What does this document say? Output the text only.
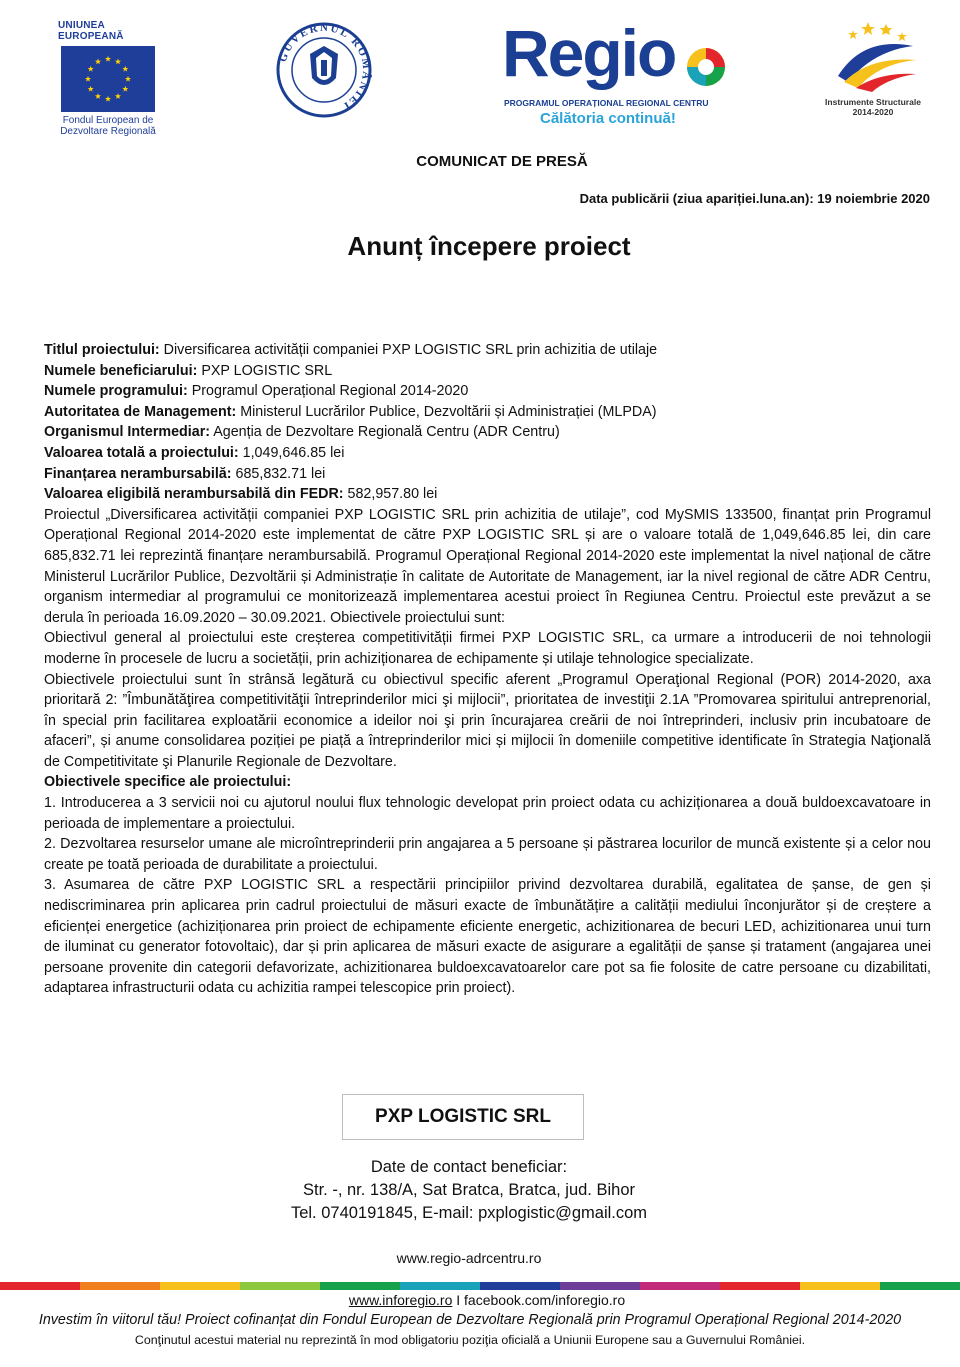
UNIUNEA EUROPEANĂ
Fondul European de
Dezvoltare Regională
GUVERNUL ROMÂNIEI
Regio
PROGRAMUL OPERAȚIONAL REGIONAL CENTRU
Călătoria continuă!
Instrumente Structurale
2014-2020
COMUNICAT DE PRESĂ
Data publicării (ziua apariției.luna.an): 19 noiembrie 2020
Anunț începere proiect
Titlul proiectului: Diversificarea activității companiei PXP LOGISTIC SRL prin achizitia de utilaje
Numele beneficiarului: PXP LOGISTIC SRL
Numele programului: Programul Operațional Regional 2014-2020
Autoritatea de Management: Ministerul Lucrărilor Publice, Dezvoltării și Administrației (MLPDA)
Organismul Intermediar: Agenția de Dezvoltare Regională Centru (ADR Centru)
Valoarea totală a proiectului: 1,049,646.85 lei
Finanțarea nerambursabilă: 685,832.71 lei
Valoarea eligibilă nerambursabilă din FEDR: 582,957.80 lei
Proiectul „Diversificarea activității companiei PXP LOGISTIC SRL prin achizitia de utilaje”, cod MySMIS 133500, finanțat prin Programul Operațional Regional 2014-2020 este implementat de către PXP LOGISTIC SRL și are o valoare totală de 1,049,646.85 lei, din care 685,832.71 lei reprezintă finanțare nerambursabilă. Programul Operațional Regional 2014-2020 este implementat la nivel național de către Ministerul Lucrărilor Publice, Dezvoltării și Administrație în calitate de Autoritate de Management, iar la nivel regional de către ADR Centru, organism intermediar al programului ce monitorizează implementarea acestui proiect în Regiunea Centru. Proiectul este prevăzut a se derula în perioada 16.09.2020 – 30.09.2021. Obiectivele proiectului sunt:
Obiectivul general al proiectului este creșterea competitivității firmei PXP LOGISTIC SRL, ca urmare a introducerii de noi tehnologii moderne în procesele de lucru a societății, prin achiziționarea de echipamente și utilaje tehnologice specializate.
Obiectivele proiectului sunt în strânsă legătură cu obiectivul specific aferent „Programul Operaţional Regional (POR) 2014-2020, axa prioritară 2: ”Îmbunătăţirea competitivităţii întreprinderilor mici şi mijlocii”, prioritatea de investiţii 2.1A ”Promovarea spiritului antreprenorial, în special prin facilitarea exploatării economice a ideilor noi şi prin încurajarea creării de noi întreprinderi, inclusiv prin incubatoare de afaceri”, și anume consolidarea poziției pe piață a întreprinderilor mici și mijlocii în domeniile competitive identificate în Strategia Naţională de Competitivitate şi Planurile Regionale de Dezvoltare.
Obiectivele specifice ale proiectului:
1. Introducerea a 3 servicii noi cu ajutorul noului flux tehnologic developat prin proiect odata cu achiziționarea a două buldoexcavatoare in perioada de implementare a proiectului.
2. Dezvoltarea resurselor umane ale microîntreprinderii prin angajarea a 5 persoane și păstrarea locurilor de muncă existente și a celor nou create pe toată perioada de durabilitate a proiectului.
3. Asumarea de către PXP LOGISTIC SRL a respectării principiilor privind dezvoltarea durabilă, egalitatea de șanse, de gen și nediscriminarea prin aplicarea prin cadrul proiectului de măsuri exacte de îmbunătățire a calității mediului înconjurător și de creștere a eficienței energetice (achiziționarea prin proiect de echipamente eficiente energetic, achizitionarea de becuri LED, achizitionarea unui turn de iluminat cu generator fotovoltaic), dar și prin aplicarea de măsuri exacte de asigurare a egalității de șanse și tratament (angajarea unei persoane provenite din categorii defavorizate, achizitionarea buldoexcavatoarelor care pot sa fie folosite de catre persoane cu dizabilitati, adaptarea infrastructurii odata cu achizitia rampei telescopice prin proiect).
PXP LOGISTIC SRL
Date de contact beneficiar:
Str. -, nr. 138/A, Sat Bratca, Bratca, jud. Bihor
Tel. 0740191845, E-mail: pxplogistic@gmail.com
www.regio-adrcentru.ro
www.inforegio.ro I facebook.com/inforegio.ro
Investim în viitorul tău! Proiect cofinanțat din Fondul European de Dezvoltare Regională prin Programul Operațional Regional 2014-2020
Conţinutul acestui material nu reprezintă în mod obligatoriu poziţia oficială a Uniunii Europene sau a Guvernului României.
